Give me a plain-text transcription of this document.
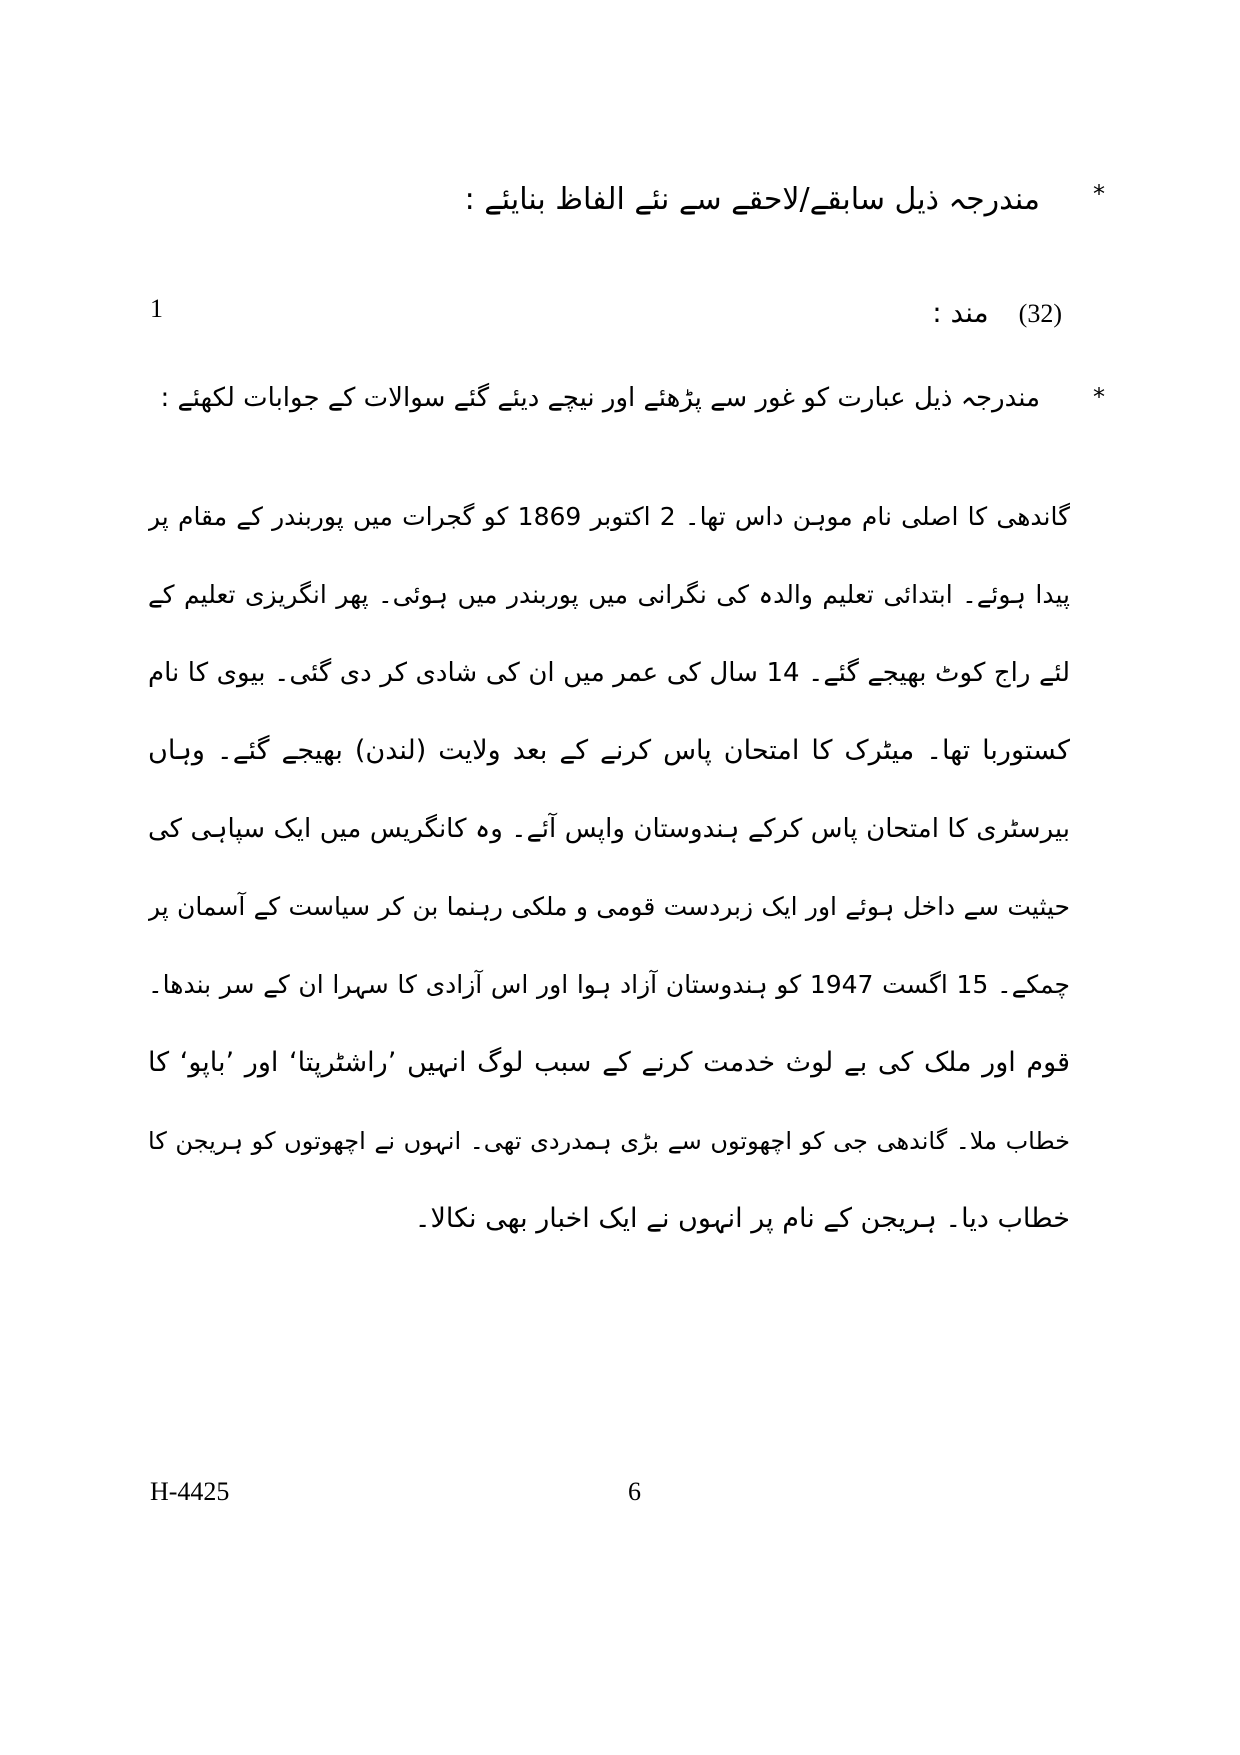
*
مندرجہ ذیل سابقے/لاحقے سے نئے الفاظ بنایئے :
مند : (32)
1
*
مندرجہ ذیل عبارت کو غور سے پڑھئے اور نیچے دیئے گئے سوالات کے جوابات لکھئے :
گاندھی کا اصلی نام موہن داس تھا۔ 2 اکتوبر 1869 کو گجرات میں پوربندر کے مقام پر
پیدا ہوئے۔ ابتدائی تعلیم والدہ کی نگرانی میں پوربندر میں ہوئی۔ پھر انگریزی تعلیم کے
لئے راج کوٹ بھیجے گئے۔ 14 سال کی عمر میں ان کی شادی کر دی گئی۔ بیوی کا نام
کستوربا تھا۔ میٹرک کا امتحان پاس کرنے کے بعد ولایت (لندن) بھیجے گئے۔ وہاں
بیرسٹری کا امتحان پاس کرکے ہندوستان واپس آئے۔ وہ کانگریس میں ایک سپاہی کی
حیثیت سے داخل ہوئے اور ایک زبردست قومی و ملکی رہنما بن کر سیاست کے آسمان پر
چمکے۔ 15 اگست 1947 کو ہندوستان آزاد ہوا اور اس آزادی کا سہرا ان کے سر بندھا۔
قوم اور ملک کی بے لوث خدمت کرنے کے سبب لوگ انہیں ’راشٹرپتا‘ اور ’باپو‘ کا
خطاب ملا۔ گاندھی جی کو اچھوتوں سے بڑی ہمدردی تھی۔ انہوں نے اچھوتوں کو ہریجن کا
خطاب دیا۔ ہریجن کے نام پر انہوں نے ایک اخبار بھی نکالا۔
H-4425	6
